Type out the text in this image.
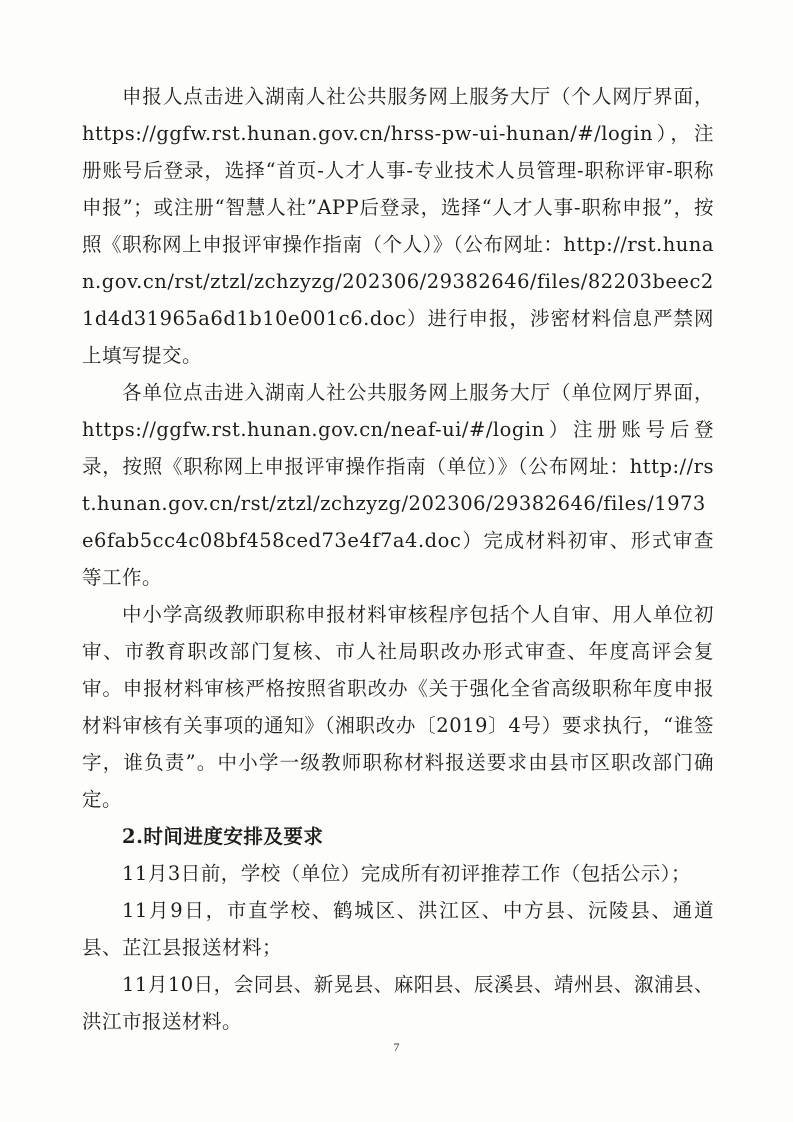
申报人点击进入湖南人社公共服务网上服务大厅（个人网厅界面，https://ggfw.rst.hunan.gov.cn/hrss-pw-ui-hunan/#/login），注册账号后登录，选择“首页-人才人事-专业技术人员管理-职称评审-职称申报”；或注册“智慧人社”APP后登录，选择“人才人事-职称申报”，按照《职称网上申报评审操作指南（个人）》（公布网址：http://rst.hunan.gov.cn/rst/ztzl/zchzyzg/202306/29382646/files/82203beec21d4d31965a6d1b10e001c6.doc）进行申报，涉密材料信息严禁网上填写提交。

各单位点击进入湖南人社公共服务网上服务大厅（单位网厅界面，https://ggfw.rst.hunan.gov.cn/neaf-ui/#/login）注册账号后登录，按照《职称网上申报评审操作指南（单位）》（公布网址：http://rst.hunan.gov.cn/rst/ztzl/zchzyzg/202306/29382646/files/1973e6fab5cc4c08bf458ced73e4f7a4.doc）完成材料初审、形式审查等工作。

中小学高级教师职称申报材料审核程序包括个人自审、用人单位初审、市教育职改部门复核、市人社局职改办形式审查、年度高评会复审。申报材料审核严格按照省职改办《关于强化全省高级职称年度申报材料审核有关事项的通知》（湘职改办〔2019〕4号）要求执行，“谁签字，谁负责”。中小学一级教师职称材料报送要求由县市区职改部门确定。

2.时间进度安排及要求

11月3日前，学校（单位）完成所有初评推荐工作（包括公示）；

11月9日，市直学校、鹤城区、洪江区、中方县、沅陵县、通道县、芷江县报送材料；

11月10日，会同县、新晃县、麻阳县、辰溪县、靖州县、溆浦县、洪江市报送材料。

7
